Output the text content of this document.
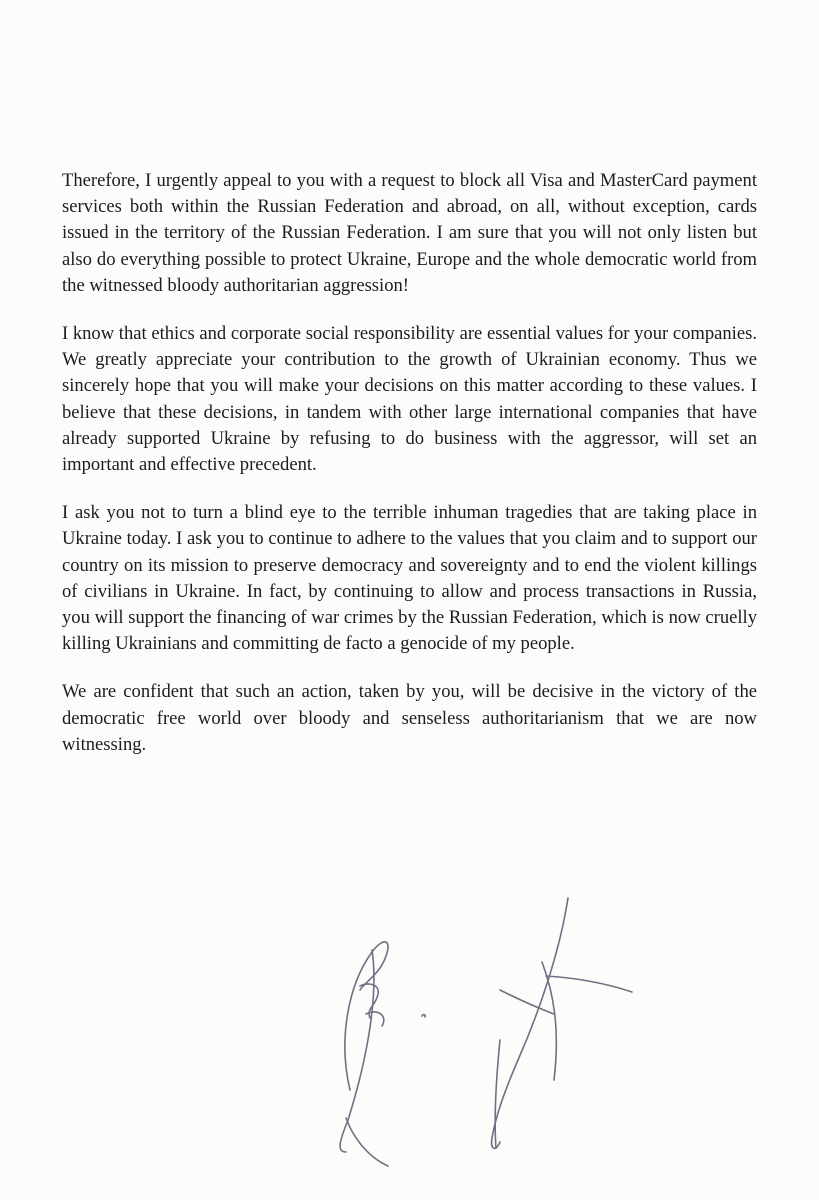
Therefore, I urgently appeal to you with a request to block all Visa and MasterCard payment services both within the Russian Federation and abroad, on all, without exception, cards issued in the territory of the Russian Federation. I am sure that you will not only listen but also do everything possible to protect Ukraine, Europe and the whole democratic world from the witnessed bloody authoritarian aggression!

I know that ethics and corporate social responsibility are essential values for your companies. We greatly appreciate your contribution to the growth of Ukrainian economy. Thus we sincerely hope that you will make your decisions on this matter according to these values. I believe that these decisions, in tandem with other large international companies that have already supported Ukraine by refusing to do business with the aggressor, will set an important and effective precedent.

I ask you not to turn a blind eye to the terrible inhuman tragedies that are taking place in Ukraine today. I ask you to continue to adhere to the values that you claim and to support our country on its mission to preserve democracy and sovereignty and to end the violent killings of civilians in Ukraine. In fact, by continuing to allow and process transactions in Russia, you will support the financing of war crimes by the Russian Federation, which is now cruelly killing Ukrainians and committing de facto a genocide of my people.

We are confident that such an action, taken by you, will be decisive in the victory of the democratic free world over bloody and senseless authoritarianism that we are now witnessing.
